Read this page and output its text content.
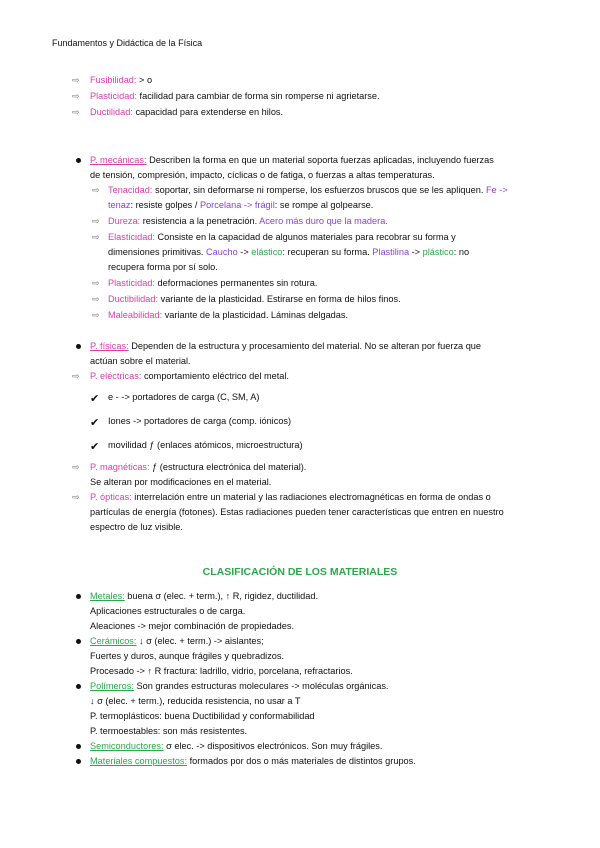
Fundamentos y Didáctica de la Física
⇨ Fusibilidad: > o
⇨ Plasticidad: facilidad para cambiar de forma sin romperse ni agrietarse.
⇨ Ductilidad: capacidad para extenderse en hilos.
P. mecánicas: Describen la forma en que un material soporta fuerzas aplicadas, incluyendo fuerzas
de tensión, compresión, impacto, cíclicas o de fatiga, o fuerzas a altas temperaturas.
⇨ Tenacidad: soportar, sin deformarse ni romperse, los esfuerzos bruscos que se les apliquen. Fe ->
tenaz: resiste golpes / Porcelana -> frágil: se rompe al golpearse.
⇨ Dureza: resistencia a la penetración. Acero más duro que la madera.
⇨ Elasticidad: Consiste en la capacidad de algunos materiales para recobrar su forma y
dimensiones primitivas. Caucho -> elástico: recuperan su forma. Plastilina -> plástico: no
recupera forma por sí solo.
⇨ Plasticidad: deformaciones permanentes sin rotura.
⇨ Ductibilidad: variante de la plasticidad. Estirarse en forma de hilos finos.
⇨ Maleabilidad: variante de la plasticidad. Láminas delgadas.
P. físicas: Dependen de la estructura y procesamiento del material. No se alteran por fuerza que
actúan sobre el material.
⇨ P. eléctricas: comportamiento eléctrico del metal.
✔ e - -> portadores de carga (C, SM, A)
✔ Iones -> portadores de carga (comp. iónicos)
✔ movilidad ƒ (enlaces atómicos, microestructura)
⇨ P. magnéticas: ƒ (estructura electrónica del material).
Se alteran por modificaciones en el material.
⇨ P. ópticas: interrelación entre un material y las radiaciones electromagnéticas en forma de ondas o
partículas de energía (fotones). Estas radiaciones pueden tener características que entren en nuestro
espectro de luz visible.
CLASIFICACIÓN DE LOS MATERIALES
Metales: buena σ (elec. + term.), ↑ R, rigidez, ductilidad.
Aplicaciones estructurales o de carga.
Aleaciones -> mejor combinación de propiedades.
Cerámicos: ↓ σ (elec. + term.) -> aislantes;
Fuertes y duros, aunque frágiles y quebradizos.
Procesado -> ↑ R fractura: ladrillo, vidrio, porcelana, refractarios.
Polímeros: Son grandes estructuras moleculares -> moléculas orgánicas.
↓ σ (elec. + term.), reducida resistencia, no usar a T
P. termoplásticos: buena Ductibilidad y conformabilidad
P. termoestables: son más resistentes.
Semiconductores: σ elec. -> dispositivos electrónicos. Son muy frágiles.
Materiales compuestos: formados por dos o más materiales de distintos grupos.
